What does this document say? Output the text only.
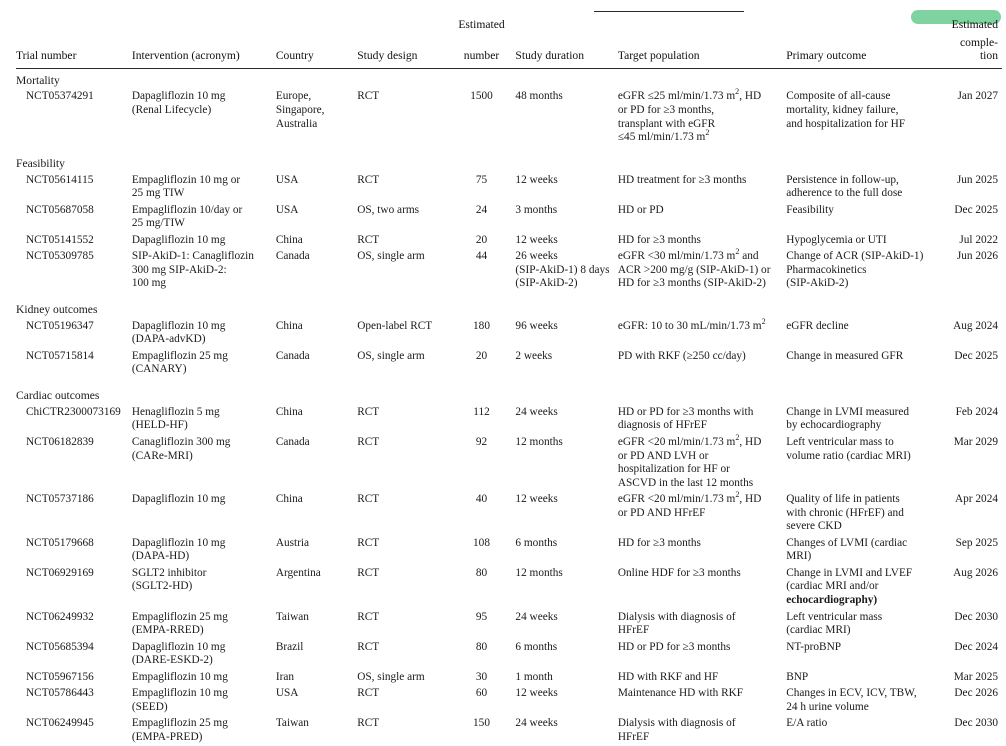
				Estimated				Estimated
Trial number	Intervention (acronym)	Country	Study design	number	Study duration	Target population	Primary outcome	comple-
tion
Mortality								
NCT05374291	Dapagliflozin 10 mg
(Renal Lifecycle)	Europe,
Singapore,
Australia	RCT	1500	48 months	eGFR ≤25 ml/min/1.73 $m^2$, HD
or PD for ≥3 months,
transplant with eGFR
≤45 ml/min/1.73 $m^2$	Composite of all-cause
mortality, kidney failure,
and hospitalization for HF	Jan 2027

Feasibility								
NCT05614115	Empagliflozin 10 mg or
25 mg TIW	USA	RCT	75	12 weeks	HD treatment for ≥3 months	Persistence in follow-up,
adherence to the full dose	Jun 2025
NCT05687058	Empagliflozin 10/day or
25 mg/TIW	USA	OS, two arms	24	3 months	HD or PD	Feasibility	Dec 2025
NCT05141552	Dapagliflozin 10 mg	China	RCT	20	12 weeks	HD for ≥3 months	Hypoglycemia or UTI	Jul 2022
NCT05309785	SIP-AkiD-1: Canagliflozin
300 mg SIP-AkiD-2:
100 mg	Canada	OS, single arm	44	26 weeks
(SIP-AkiD-1) 8 days
(SIP-AkiD-2)	eGFR <30 ml/min/1.73 $m^2$ and
ACR >200 mg/g (SIP-AkiD-1) or
HD for ≥3 months (SIP-AkiD-2)	Change of ACR (SIP-AkiD-1)
Pharmacokinetics
(SIP-AkiD-2)	Jun 2026

Kidney outcomes								
NCT05196347	Dapagliflozin 10 mg
(DAPA-advKD)	China	Open-label RCT	180	96 weeks	eGFR: 10 to 30 mL/min/1.73 $m^2$	eGFR decline	Aug 2024
NCT05715814	Empagliflozin 25 mg
(CANARY)	Canada	OS, single arm	20	2 weeks	PD with RKF (≥250 cc/day)	Change in measured GFR	Dec 2025

Cardiac outcomes								
ChiCTR2300073169	Henagliflozin 5 mg
(HELD-HF)	China	RCT	112	24 weeks	HD or PD for ≥3 months with
diagnosis of HFrEF	Change in LVMI measured
by echocardiography	Feb 2024
NCT06182839	Canagliflozin 300 mg
(CARe-MRI)	Canada	RCT	92	12 months	eGFR <20 ml/min/1.73 $m^2$, HD
or PD AND LVH or
hospitalization for HF or
ASCVD in the last 12 months	Left ventricular mass to
volume ratio (cardiac MRI)	Mar 2029
NCT05737186	Dapagliflozin 10 mg	China	RCT	40	12 weeks	eGFR <20 ml/min/1.73 $m^2$, HD
or PD AND HFrEF	Quality of life in patients
with chronic (HFrEF) and
severe CKD	Apr 2024
NCT05179668	Dapagliflozin 10 mg
(DAPA-HD)	Austria	RCT	108	6 months	HD for ≥3 months	Changes of LVMI (cardiac
MRI)	Sep 2025
NCT06929169	SGLT2 inhibitor
(SGLT2-HD)	Argentina	RCT	80	12 months	Online HDF for ≥3 months	Change in LVMI and LVEF
(cardiac MRI and/or
echocardiography)	Aug 2026
NCT06249932	Empagliflozin 25 mg
(EMPA-RRED)	Taiwan	RCT	95	24 weeks	Dialysis with diagnosis of
HFrEF	Left ventricular mass
(cardiac MRI)	Dec 2030
NCT05685394	Dapagliflozin 10 mg
(DARE-ESKD-2)	Brazil	RCT	80	6 months	HD or PD for ≥3 months	NT-proBNP	Dec 2024
NCT05967156	Empagliflozin 10 mg	Iran	OS, single arm	30	1 month	HD with RKF and HF	BNP	Mar 2025
NCT05786443	Empagliflozin 10 mg
(SEED)	USA	RCT	60	12 weeks	Maintenance HD with RKF	Changes in ECV, ICV, TBW,
24 h urine volume	Dec 2026
NCT06249945	Empagliflozin 25 mg
(EMPA-PRED)	Taiwan	RCT	150	24 weeks	Dialysis with diagnosis of
HFrEF	E/A ratio	Dec 2030
